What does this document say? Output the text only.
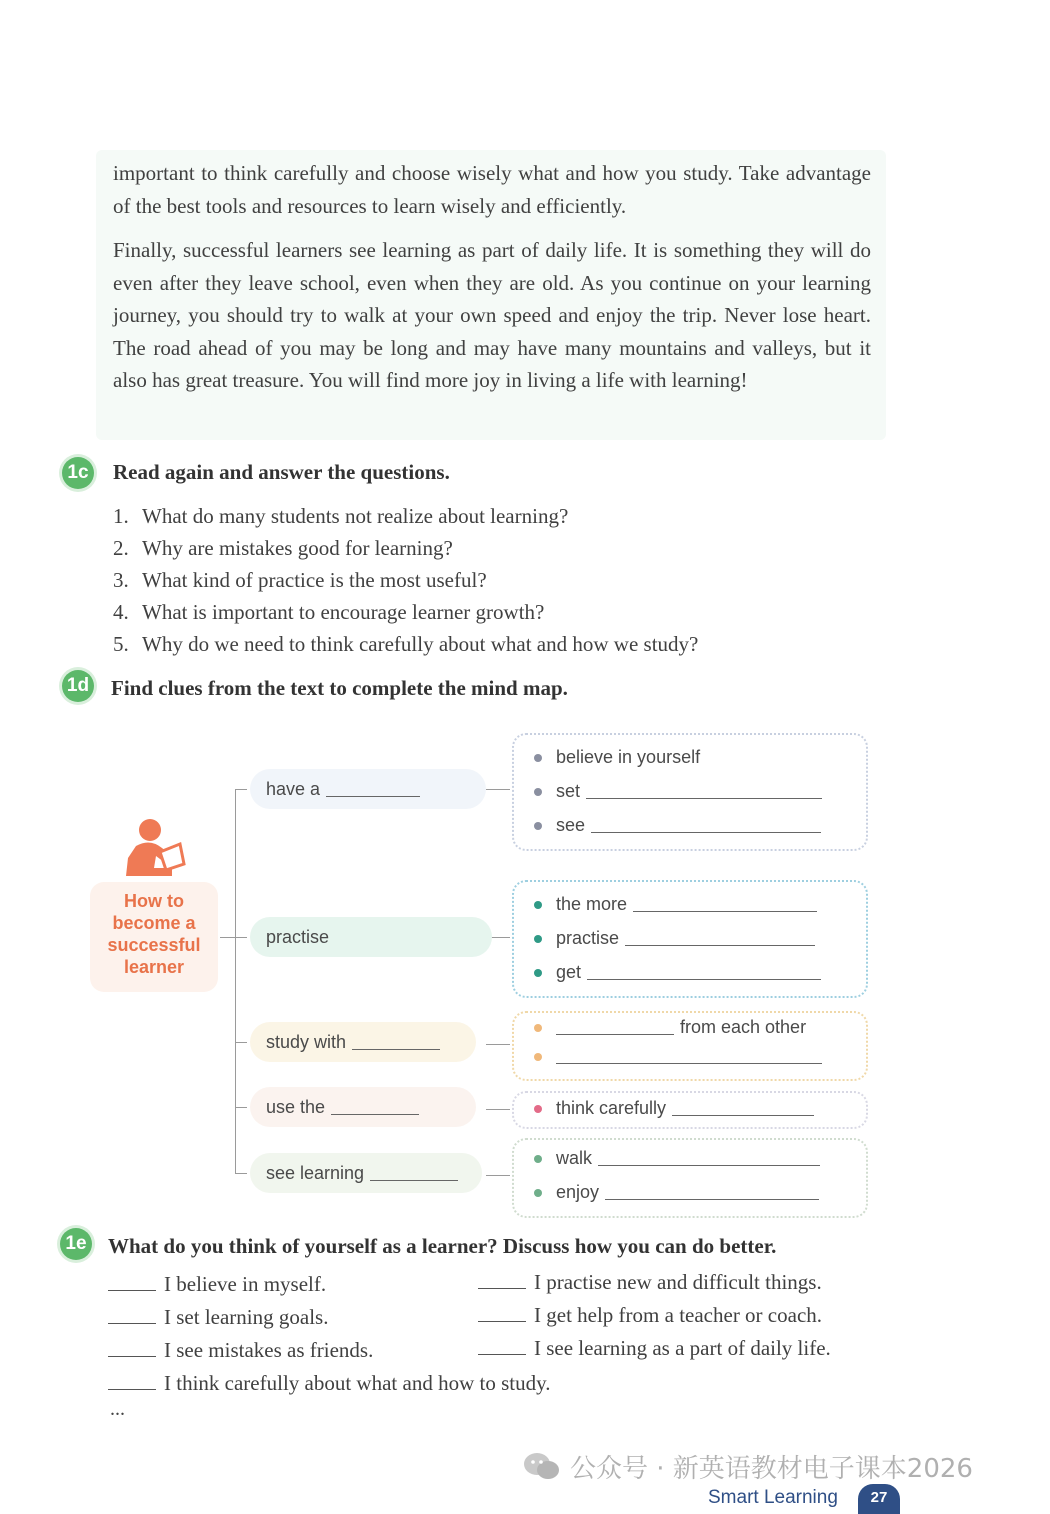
important to think carefully and choose wisely what and how you study. Take advantage of the best tools and resources to learn wisely and efficiently.
Finally, successful learners see learning as part of daily life. It is something they will do even after they leave school, even when they are old. As you continue on your learning journey, you should try to walk at your own speed and enjoy the trip. Never lose heart. The road ahead of you may be long and may have many mountains and valleys, but it also has great treasure. You will find more joy in living a life with learning!
1c Read again and answer the questions.
1. What do many students not realize about learning?
2. Why are mistakes good for learning?
3. What kind of practice is the most useful?
4. What is important to encourage learner growth?
5. Why do we need to think carefully about what and how we study?
1d Find clues from the text to complete the mind map.
How to become a successful learner
have a
practise
study with
use the
see learning
believe in yourself
set
see
the more
practise
get
from each other
think carefully
walk
enjoy
1e What do you think of yourself as a learner? Discuss how you can do better.
I believe in myself.
I set learning goals.
I see mistakes as friends.
I think carefully about what and how to study.
I practise new and difficult things.
I get help from a teacher or coach.
I see learning as a part of daily life.
...
公众号 · 新英语教材电子课本2026
Smart Learning	27
